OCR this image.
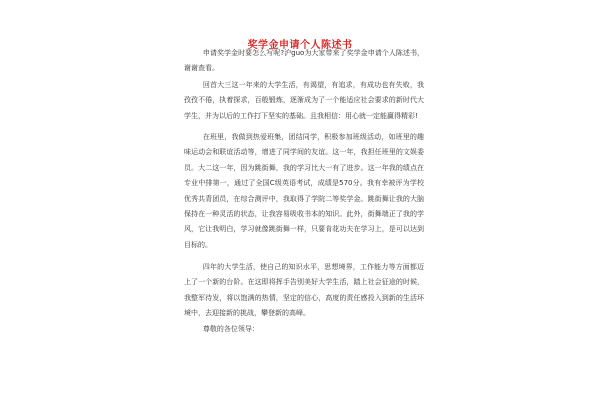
奖学金申请个人陈述书

申请奖学金时要怎么写呢?沪guo为大家带来了奖学金申请个人陈述书，谢谢查看。

回首大三这一年来的大学生活，有渴望，有追求，有成功也有失败，我孜孜不倦，执着探求，百般锻炼，逐渐成为了一个能适应社会要求的新时代大学生，并为以后的工作打下坚实的基础。且我相信：用心就一定能赢得精彩!

在班里，我做到热爱班集，团结同学，积极参加班级活动，如班里的趣味运动会和联谊活动等，增进了同学间的友谊。这一年，我担任班里的文娱委员。大二这一年，因为跳街舞，我的学习比大一有了进步。这一年我的绩点在专业中排第一，通过了全国C级英语考试，成绩是570分。我有幸被评为学校优秀共青团员，在综合测评中，我取得了学院二等奖学金。跳街舞让我的大脑保持在一种灵活的状态，让我容易吸收书本的知识。此外，街舞端正了我的学风，它让我明白，学习就像跳街舞一样，只要肯花功夫在学习上，是可以达到目标的。

四年的大学生活，使自己的知识水平，思想境界，工作能力等方面都迈上了一个新的台阶。在这即将挥手告别美好大学生活，踏上社会征途的时候，我整军待发，将以饱满的热情，坚定的信心，高度的责任感投入到新的生活环境中，去迎接新的挑战，攀登新的高峰。

尊敬的各位领导：
